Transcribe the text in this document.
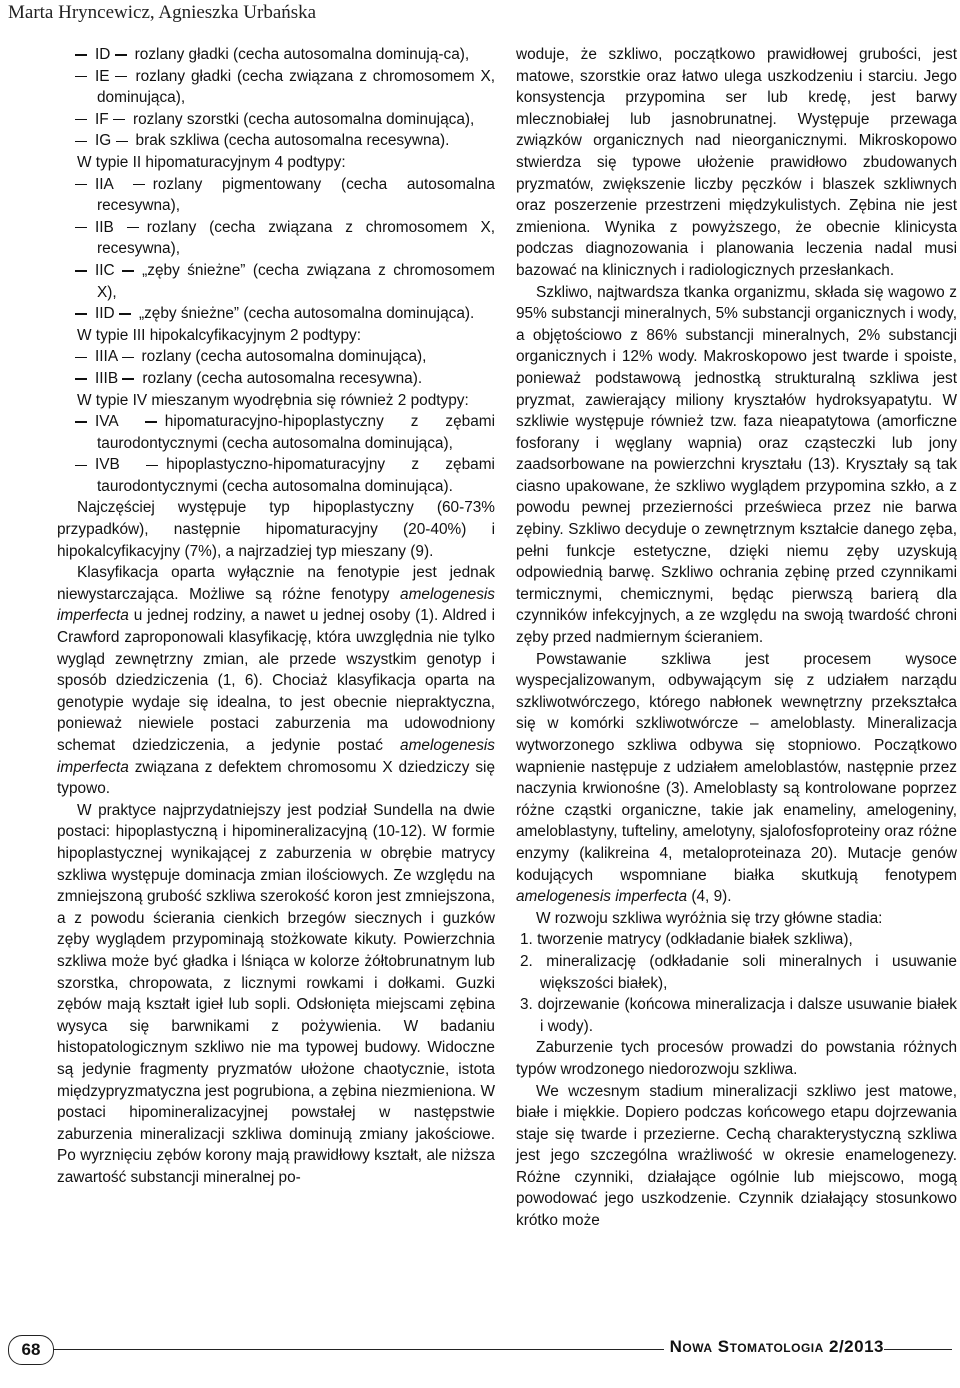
Marta Hryncewicz, Agnieszka Urbańska

ID rozlany gładki (cecha autosomalna dominują-ca),

IE rozlany gładki (cecha związana z chromosomem X, dominująca),

IF rozlany szorstki (cecha autosomalna dominująca),

IG brak szkliwa (cecha autosomalna recesywna).

W typie II hipomaturacyjnym 4 podtypy:

IIA rozlany pigmentowany (cecha autosomalna recesywna),

IIB rozlany (cecha związana z chromosomem X, recesywna),

IIC „zęby śnieżne” (cecha związana z chromosomem X),

IID „zęby śnieżne” (cecha autosomalna dominująca).

W typie III hipokalcyfikacyjnym 2 podtypy:

IIIA rozlany (cecha autosomalna dominująca),

IIIB rozlany (cecha autosomalna recesywna).

W typie IV mieszanym wyodrębnia się również 2 podtypy:

IVA hipomaturacyjno-hipoplastyczny z zębami taurodontycznymi (cecha autosomalna dominująca),

IVB hipoplastyczno-hipomaturacyjny z zębami taurodontycznymi (cecha autosomalna dominująca).

Najczęściej występuje typ hipoplastyczny (60-73% przypadków), następnie hipomaturacyjny (20-40%) i hipokalcyfikacyjny (7%), a najrzadziej typ mieszany (9).

Klasyfikacja oparta wyłącznie na fenotypie jest jednak niewystarczająca. Możliwe są różne fenotypy amelogenesis imperfecta u jednej rodziny, a nawet u jednej osoby (1). Aldred i Crawford zaproponowali klasyfikację, która uwzględnia nie tylko wygląd zewnętrzny zmian, ale przede wszystkim genotyp i sposób dziedziczenia (1, 6). Chociaż klasyfikacja oparta na genotypie wydaje się idealna, to jest obecnie niepraktyczna, ponieważ niewiele postaci zaburzenia ma udowodniony schemat dziedziczenia, a jedynie postać amelogenesis imperfecta związana z defektem chromosomu X dziedziczy się typowo.

W praktyce najprzydatniejszy jest podział Sundella na dwie postaci: hipoplastyczną i hipomineralizacyjną (10-12). W formie hipoplastycznej wynikającej z zaburzenia w obrębie matrycy szkliwa występuje dominacja zmian ilościowych. Ze względu na zmniejszoną grubość szkliwa szerokość koron jest zmniejszona, a z powodu ścierania cienkich brzegów siecznych i guzków zęby wyglądem przypominają stożkowate kikuty. Powierzchnia szkliwa może być gładka i lśniąca w kolorze żółtobrunatnym lub szorstka, chropowata, z licznymi rowkami i dołkami. Guzki zębów mają kształt igieł lub sopli. Odsłonięta miejscami zębina wysyca się barwnikami z pożywienia. W badaniu histopatologicznym szkliwo nie ma typowej budowy. Widoczne są jedynie fragmenty pryzmatów ułożone chaotycznie, istota międzypryzmatyczna jest pogrubiona, a zębina niezmieniona. W postaci hipomineralizacyjnej powstałej w następstwie zaburzenia mineralizacji szkliwa dominują zmiany jakościowe. Po wyrznięciu zębów korony mają prawidłowy kształt, ale niższa zawartość substancji mineralnej po-

woduje, że szkliwo, początkowo prawidłowej grubości, jest matowe, szorstkie oraz łatwo ulega uszkodzeniu i starciu. Jego konsystencja przypomina ser lub kredę, jest barwy mlecznobiałej lub jasnobrunatnej. Występuje przewaga związków organicznych nad nieorganicznymi. Mikroskopowo stwierdza się typowe ułożenie prawidłowo zbudowanych pryzmatów, zwiększenie liczby pęczków i blaszek szkliwnych oraz poszerzenie przestrzeni międzykulistych. Zębina nie jest zmieniona. Wynika z powyższego, że obecnie klinicysta podczas diagnozowania i planowania leczenia nadal musi bazować na klinicznych i radiologicznych przesłankach.

Szkliwo, najtwardsza tkanka organizmu, składa się wagowo z 95% substancji mineralnych, 5% substancji organicznych i wody, a objętościowo z 86% substancji mineralnych, 2% substancji organicznych i 12% wody. Makroskopowo jest twarde i spoiste, ponieważ podstawową jednostką strukturalną szkliwa jest pryzmat, zawierający miliony kryształów hydroksyapatytu. W szkliwie występuje również tzw. faza nieapatytowa (amorficzne fosforany i węglany wapnia) oraz cząsteczki lub jony zaadsorbowane na powierzchni kryształu (13). Kryształy są tak ciasno upakowane, że szkliwo wyglądem przypomina szkło, a z powodu pewnej przezierności prześwieca przez nie barwa zębiny. Szkliwo decyduje o zewnętrznym kształcie danego zęba, pełni funkcje estetyczne, dzięki niemu zęby uzyskują odpowiednią barwę. Szkliwo ochrania zębinę przed czynnikami termicznymi, chemicznymi, będąc pierwszą barierą dla czynników infekcyjnych, a ze względu na swoją twardość chroni zęby przed nadmiernym ścieraniem.

Powstawanie szkliwa jest procesem wysoce wyspecjalizowanym, odbywającym się z udziałem narządu szkliwotwórczego, którego nabłonek wewnętrzny przekształca się w komórki szkliwotwórcze – ameloblasty. Mineralizacja wytworzonego szkliwa odbywa się stopniowo. Początkowo wapnienie następuje z udziałem ameloblastów, następnie przez naczynia krwionośne (3). Ameloblasty są kontrolowane poprzez różne cząstki organiczne, takie jak enameliny, amelogeniny, ameloblastyny, tufteliny, amelotyny, sjalofosfoproteiny oraz różne enzymy (kalikreina 4, metaloproteinaza 20). Mutacje genów kodujących wspomniane białka skutkują fenotypem amelogenesis imperfecta (4, 9).

W rozwoju szkliwa wyróżnia się trzy główne stadia:

1. tworzenie matrycy (odkładanie białek szkliwa),

2. mineralizację (odkładanie soli mineralnych i usuwanie większości białek),

3. dojrzewanie (końcowa mineralizacja i dalsze usuwanie białek i wody).

Zaburzenie tych procesów prowadzi do powstania różnych typów wrodzonego niedorozwoju szkliwa.

We wczesnym stadium mineralizacji szkliwo jest matowe, białe i miękkie. Dopiero podczas końcowego etapu dojrzewania staje się twarde i przezierne. Cechą charakterystyczną szkliwa jest jego szczególna wrażliwość w okresie enamelogenezy. Różne czynniki, działające ogólnie lub miejscowo, mogą powodować jego uszkodzenie. Czynnik działający stosunkowo krótko może

68	Nowa Stomatologia 2/2013
